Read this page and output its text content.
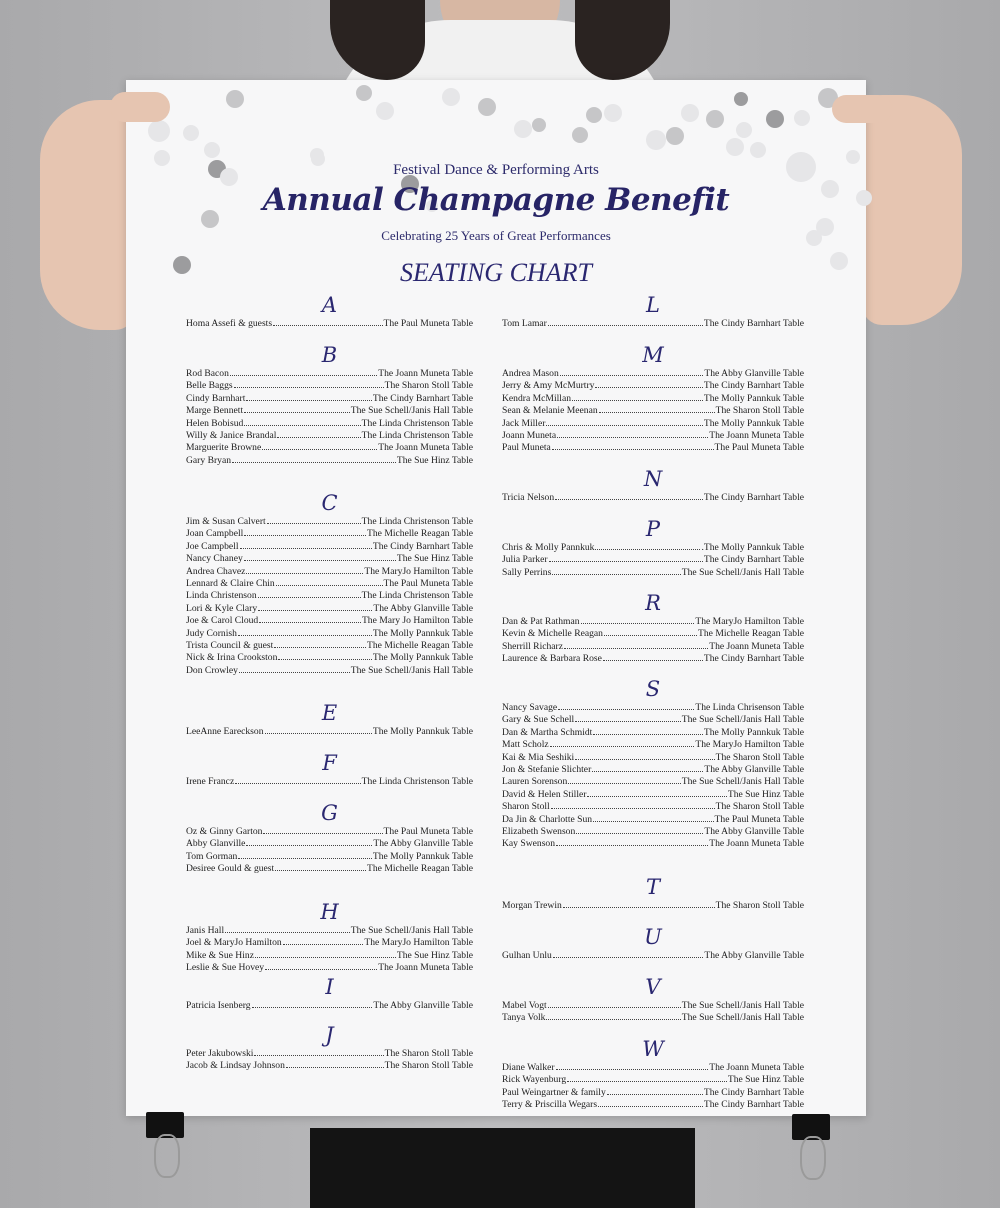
Festival Dance & Performing Arts
Annual Champagne Benefit
Celebrating 25 Years of Great Performances
SEATING CHART
A
Homa Assefi & guests	The Paul Muneta Table
B
Rod Bacon	The Joann Muneta Table
Belle Baggs	The Sharon Stoll Table
Cindy Barnhart	The Cindy Barnhart Table
Marge Bennett	The Sue Schell/Janis Hall Table
Helen Bobisud	The Linda Christenson Table
Willy & Janice Brandal	The Linda Christenson Table
Marguerite Browne	The Joann Muneta Table
Gary Bryan	The Sue Hinz Table
C
Jim & Susan Calvert	The Linda Christenson Table
Joan Campbell	The Michelle Reagan Table
Joe Campbell	The Cindy Barnhart Table
Nancy Chaney	The Sue Hinz Table
Andrea Chavez	The MaryJo Hamilton Table
Lennard & Claire Chin	The Paul Muneta Table
Linda Christenson	The Linda Christenson Table
Lori & Kyle Clary	The Abby Glanville Table
Joe & Carol Cloud	The Mary Jo Hamilton Table
Judy Cornish	The Molly Pannkuk Table
Trista Council & guest	The Michelle Reagan Table
Nick & Irina Crookston	The Molly Pannkuk Table
Don Crowley	The Sue Schell/Janis Hall Table
E
LeeAnne Eareckson	The Molly Pannkuk Table
F
Irene Francz	The Linda Christenson Table
G
Oz & Ginny Garton	The Paul Muneta Table
Abby Glanville	The Abby Glanville Table
Tom Gorman	The Molly Pannkuk Table
Desiree Gould & guest	The Michelle Reagan Table
H
Janis Hall	The Sue Schell/Janis Hall Table
Joel & MaryJo Hamilton	The MaryJo Hamilton Table
Mike & Sue Hinz	The Sue Hinz Table
Leslie & Sue Hovey	The Joann Muneta Table
I
Patricia Isenberg	The Abby Glanville Table
J
Peter Jakubowski	The Sharon Stoll Table
Jacob & Lindsay Johnson	The Sharon Stoll Table
L
Tom Lamar	The Cindy Barnhart Table
M
Andrea Mason	The Abby Glanville Table
Jerry & Amy McMurtry	The Cindy Barnhart Table
Kendra McMillan	The Molly Pannkuk Table
Sean & Melanie Meenan	The Sharon Stoll Table
Jack Miller	The Molly Pannkuk Table
Joann Muneta	The Joann Muneta Table
Paul Muneta	The Paul Muneta Table
N
Tricia Nelson	The Cindy Barnhart Table
P
Chris & Molly Pannkuk	.The Molly Pannkuk Table
Julia Parker	The Cindy Barnhart Table
Sally Perrins	The Sue Schell/Janis Hall Table
R
Dan & Pat Rathman	The MaryJo Hamilton Table
Kevin & Michelle Reagan	The Michelle Reagan Table
Sherrill Richarz	The Joann Muneta Table
Laurence & Barbara Rose	The Cindy Barnhart Table
S
Nancy Savage	The Linda Chrisenson Table
Gary & Sue Schell	The Sue Schell/Janis Hall Table
Dan & Martha Schmidt	The Molly Pannkuk Table
Matt Scholz	The MaryJo Hamilton Table
Kai & Mia Seshiki	The Sharon Stoll Table
Jon & Stefanie Slichter	The Abby Glanville Table
Lauren Sorenson	The Sue Schell/Janis Hall Table
David & Helen Stiller	The Sue Hinz Table
Sharon Stoll	The Sharon Stoll Table
Da Jin & Charlotte Sun	The Paul Muneta Table
Elizabeth Swenson	The Abby Glanville Table
Kay Swenson	The Joann Muneta Table
T
Morgan Trewin	The Sharon Stoll Table
U
Gulhan Unlu	The Abby Glanville Table
V
Mabel Vogt	The Sue Schell/Janis Hall Table
Tanya Volk	The Sue Schell/Janis Hall Table
W
Diane Walker	The Joann Muneta Table
Rick Wayenburg	The Sue Hinz Table
Paul Weingartner & family	The Cindy Barnhart Table
Terry & Priscilla Wegars	The Cindy Barnhart Table
